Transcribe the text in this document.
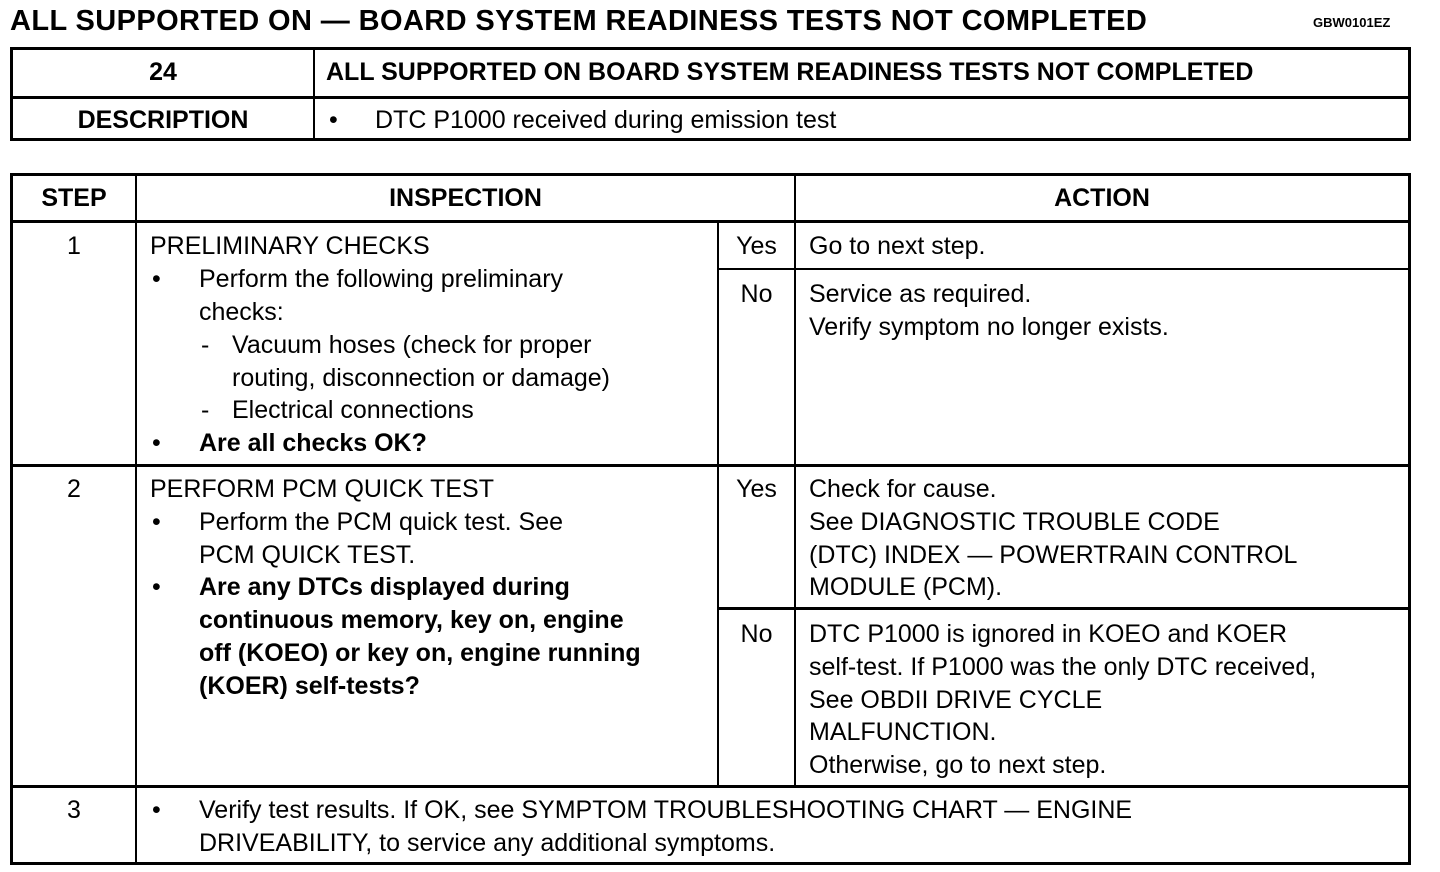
ALL SUPPORTED ON — BOARD SYSTEM READINESS TESTS NOT COMPLETED	GBW0101EZ
24	ALL SUPPORTED ON BOARD SYSTEM READINESS TESTS NOT COMPLETED
DESCRIPTION	• DTC P1000 received during emission test
STEP	INSPECTION	ACTION
1	PRELIMINARY CHECKS
• Perform the following preliminary
checks:
- Vacuum hoses (check for proper
routing, disconnection or damage)
- Electrical connections
• Are all checks OK?
Yes	Go to next step.
No	Service as required.
Verify symptom no longer exists.
2	PERFORM PCM QUICK TEST
• Perform the PCM quick test. See
PCM QUICK TEST.
• Are any DTCs displayed during
continuous memory, key on, engine
off (KOEO) or key on, engine running
(KOER) self-tests?
Yes	Check for cause.
See DIAGNOSTIC TROUBLE CODE
(DTC) INDEX — POWERTRAIN CONTROL
MODULE (PCM).
No	DTC P1000 is ignored in KOEO and KOER
self-test. If P1000 was the only DTC received,
See OBDII DRIVE CYCLE
MALFUNCTION.
Otherwise, go to next step.
3	• Verify test results. If OK, see SYMPTOM TROUBLESHOOTING CHART — ENGINE
DRIVEABILITY, to service any additional symptoms.
